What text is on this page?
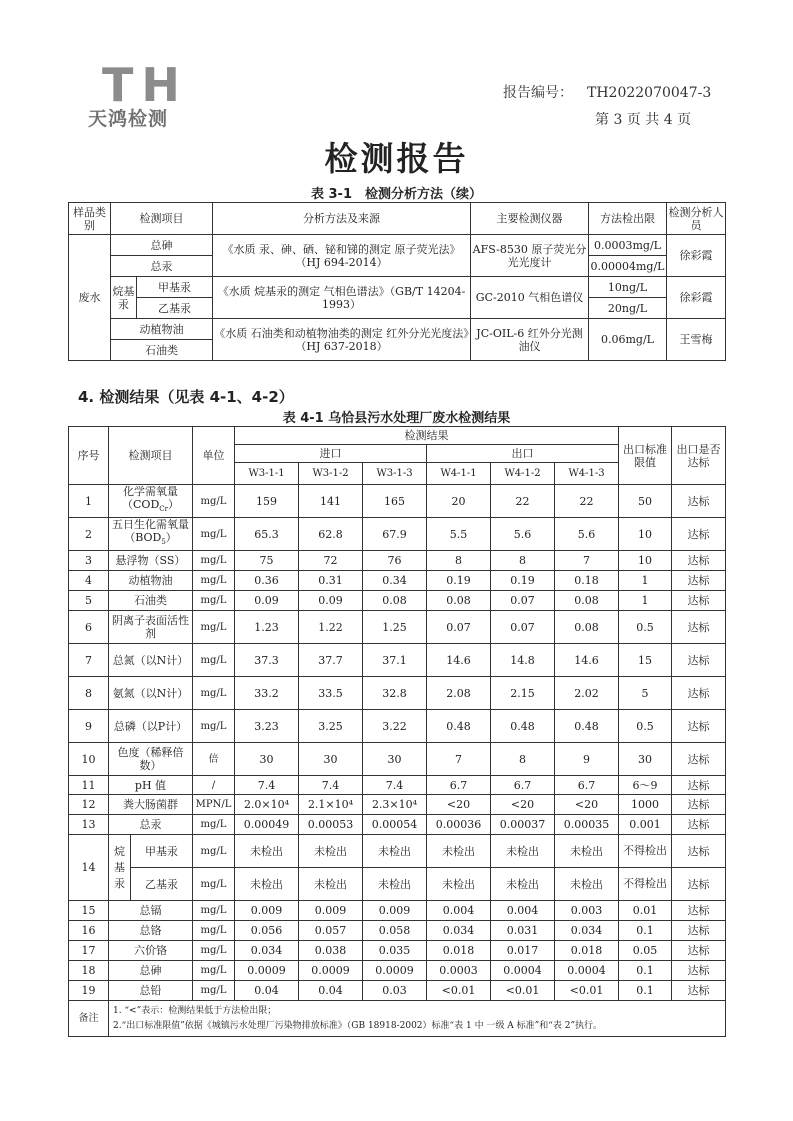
TH
天鸿检测
报告编号： TH2022070047-3
第 3 页 共 4 页
检测报告
表 3-1　检测分析方法（续）
样品类别	检测项目		分析方法及来源	主要检测仪器	方法检出限	检测分析人员
废水	总砷		《水质 汞、砷、硒、铋和锑的测定 原子荧光法》（HJ 694-2014）	AFS-8530 原子荧光分光光度计	0.0003mg/L	徐彩霞
	总汞				0.00004mg/L	
	烷基汞	甲基汞	《水质 烷基汞的测定 气相色谱法》（GB/T 14204-1993）	GC-2010 气相色谱仪	10ng/L	徐彩霞
		乙基汞			20ng/L	
	动植物油		《水质 石油类和动植物油类的测定 红外分光光度法》（HJ 637-2018）	JC-OIL-6 红外分光测油仪	0.06mg/L	王雪梅
	石油类					
4. 检测结果（见表 4-1、4-2）
表 4-1 乌恰县污水处理厂废水检测结果
序号	检测项目		单位	检测结果						出口标准限值	出口是否达标
				进口			出口				
				W3-1-1	W3-1-2	W3-1-3	W4-1-1	W4-1-2	W4-1-3		
1	化学需氧量$(COD_{Cr})$		mg/L	159	141	165	20	22	22	50	达标
2	五日生化需氧量$(BOD_5)$		mg/L	65.3	62.8	67.9	5.5	5.6	5.6	10	达标
3	悬浮物（SS）		mg/L	75	72	76	8	8	7	10	达标
4	动植物油		mg/L	0.36	0.31	0.34	0.19	0.19	0.18	1	达标
5	石油类		mg/L	0.09	0.09	0.08	0.08	0.07	0.08	1	达标
6	阴离子表面活性剂		mg/L	1.23	1.22	1.25	0.07	0.07	0.08	0.5	达标
7	总氮（以N计）		mg/L	37.3	37.7	37.1	14.6	14.8	14.6	15	达标
8	氨氮（以N计）		mg/L	33.2	33.5	32.8	2.08	2.15	2.02	5	达标
9	总磷（以P计）		mg/L	3.23	3.25	3.22	0.48	0.48	0.48	0.5	达标
10	色度（稀释倍数）		倍	30	30	30	7	8	9	30	达标
11	pH 值		/	7.4	7.4	7.4	6.7	6.7	6.7	6～9	达标
12	粪大肠菌群		MPN/L	2.0×10⁴	2.1×10⁴	2.3×10⁴	<20	<20	<20	1000	达标
13	总汞		mg/L	0.00049	0.00053	0.00054	0.00036	0.00037	0.00035	0.001	达标
14	烷基汞	甲基汞	mg/L	未检出	未检出	未检出	未检出	未检出	未检出	不得检出	达标
		乙基汞	mg/L	未检出	未检出	未检出	未检出	未检出	未检出	不得检出	达标
15	总镉		mg/L	0.009	0.009	0.009	0.004	0.004	0.003	0.01	达标
16	总铬		mg/L	0.056	0.057	0.058	0.034	0.031	0.034	0.1	达标
17	六价铬		mg/L	0.034	0.038	0.035	0.018	0.017	0.018	0.05	达标
18	总砷		mg/L	0.0009	0.0009	0.0009	0.0003	0.0004	0.0004	0.1	达标
19	总铅		mg/L	0.04	0.04	0.03	<0.01	<0.01	<0.01	0.1	达标
备注	1. “<”表示：检测结果低于方法检出限；
2.“出口标准限值”依据《城镇污水处理厂污染物排放标准》（GB 18918-2002）标准“表 1 中 一级 A 标准”和“表 2”执行。										
